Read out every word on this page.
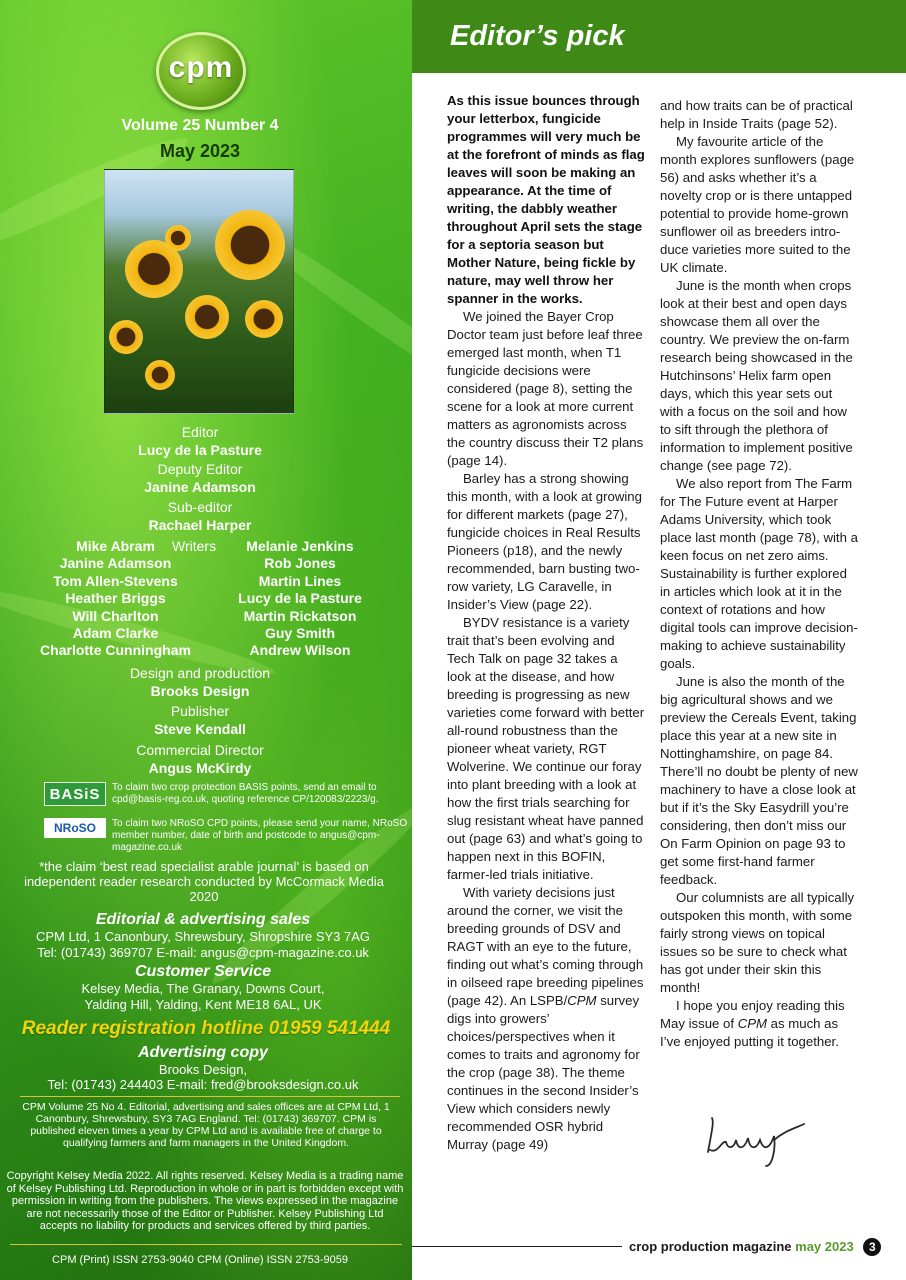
cpm
Volume 25 Number 4
May 2023
Editor
Lucy de la Pasture
Deputy Editor
Janine Adamson
Sub-editor
Rachael Harper
Writers
Mike Abram
Janine Adamson
Tom Allen-Stevens
Heather Briggs
Will Charlton
Adam Clarke
Charlotte Cunningham
Melanie Jenkins
Rob Jones
Martin Lines
Lucy de la Pasture
Martin Rickatson
Guy Smith
Andrew Wilson
Design and production
Brooks Design
Publisher
Steve Kendall
Commercial Director
Angus McKirdy
BASiS	To claim two crop protection BASIS points, send an email to cpd@basis-reg.co.uk, quoting reference CP/120083/2223/g.
NRoSO	To claim two NRoSO CPD points, please send your name, NRoSO member number, date of birth and postcode to angus@cpm-magazine.co.uk
*the claim ‘best read specialist arable journal’ is based on independent reader research conducted by McCormack Media 2020
Editorial & advertising sales
CPM Ltd, 1 Canonbury, Shrewsbury, Shropshire SY3 7AG
Tel: (01743) 369707 E-mail: angus@cpm-magazine.co.uk
Customer Service
Kelsey Media, The Granary, Downs Court,
Yalding Hill, Yalding, Kent ME18 6AL, UK
Reader registration hotline 01959 541444
Advertising copy
Brooks Design,
Tel: (01743) 244403 E-mail: fred@brooksdesign.co.uk
CPM Volume 25 No 4. Editorial, advertising and sales offices are at CPM Ltd, 1 Canonbury, Shrewsbury, SY3 7AG England. Tel: (01743) 369707. CPM is published eleven times a year by CPM Ltd and is available free of charge to qualifying farmers and farm managers in the United Kingdom.
Copyright Kelsey Media 2022. All rights reserved. Kelsey Media is a trading name of Kelsey Publishing Ltd. Reproduction in whole or in part is forbidden except with permission in writing from the publishers. The views expressed in the magazine are not necessarily those of the Editor or Publisher. Kelsey Publishing Ltd accepts no liability for products and services offered by third parties.
CPM (Print) ISSN 2753-9040 CPM (Online) ISSN 2753-9059
Editor’s pick

As this issue bounces through your letterbox, fungicide programmes will very much be at the forefront of minds as flag leaves will soon be making an appearance. At the time of writing, the dabbly weather throughout April sets the stage for a septoria season but Mother Nature, being fickle by nature, may well throw her spanner in the works.

We joined the Bayer Crop Doctor team just before leaf three emerged last month, when T1 fungicide decisions were considered (page 8), setting the scene for a look at more current matters as agronomists across the country discuss their T2 plans (page 14).

Barley has a strong showing this month, with a look at growing for different markets (page 27), fungicide choices in Real Results Pioneers (p18), and the newly recommended, barn busting two-row variety, LG Caravelle, in Insider’s View (page 22).

BYDV resistance is a variety trait that’s been evolving and Tech Talk on page 32 takes a look at the disease, and how breeding is progressing as new varieties come forward with better all-round robustness than the pioneer wheat variety, RGT Wolverine. We continue our foray into plant breeding with a look at how the first trials searching for slug resistant wheat have panned out (page 63) and what’s going to happen next in this BOFIN, farmer-led trials initiative.

With variety decisions just around the corner, we visit the breeding grounds of DSV and RAGT with an eye to the future, finding out what’s coming through in oilseed rape breeding pipelines (page 42). An LSPB/CPM survey digs into growers’ choices/perspectives when it comes to traits and agronomy for the crop (page 38). The theme continues in the second Insider’s View which considers newly recommended OSR hybrid Murray (page 49)

and how traits can be of practical help in Inside Traits (page 52).

My favourite article of the month explores sunflowers (page 56) and asks whether it’s a novelty crop or is there untapped potential to provide home-grown sunflower oil as breeders intro-duce varieties more suited to the UK climate.

June is the month when crops look at their best and open days showcase them all over the country. We preview the on-farm research being showcased in the Hutchinsons’ Helix farm open days, which this year sets out with a focus on the soil and how to sift through the plethora of information to implement positive change (see page 72).

We also report from The Farm for The Future event at Harper Adams University, which took place last month (page 78), with a keen focus on net zero aims. Sustainability is further explored in articles which look at it in the context of rotations and how digital tools can improve decision-making to achieve sustainability goals.

June is also the month of the big agricultural shows and we preview the Cereals Event, taking place this year at a new site in Nottinghamshire, on page 84. There’ll no doubt be plenty of new machinery to have a close look at but if it’s the Sky Easydrill you’re considering, then don’t miss our On Farm Opinion on page 93 to get some first-hand farmer feedback.

Our columnists are all typically outspoken this month, with some fairly strong views on topical issues so be sure to check what has got under their skin this month!

I hope you enjoy reading this May issue of CPM as much as I’ve enjoyed putting it together.

crop production magazine may 2023 3
